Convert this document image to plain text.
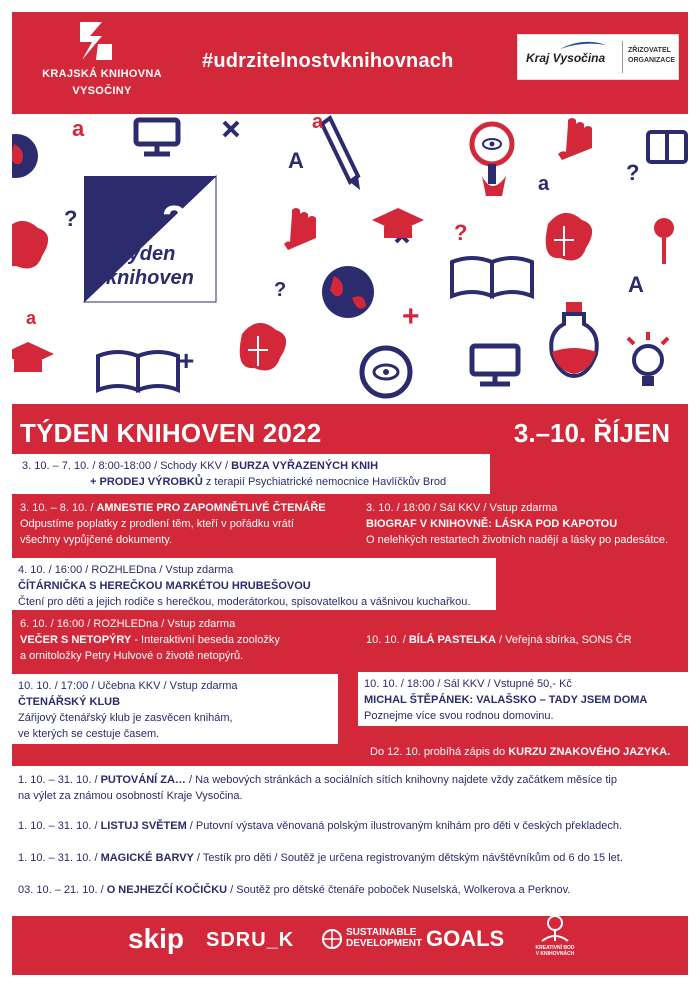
KRAJSKÁ KNIHOVNA
VYSOČINY
#udrzitelnostvknihovnach	Kraj Vysočina
ZŘIZOVATEL
ORGANIZACE
22
týden
knihoven
a
A
a
?
a
?
?
A
+
+
?
a
TÝDEN KNIHOVEN 2022	3.–10. ŘÍJEN
3. 10. – 7. 10. / 8:00-18:00 / Schody KKV / BURZA VYŘAZENÝCH KNIH
+ PRODEJ VÝROBKŮ z terapií Psychiatrické nemocnice Havlíčkův Brod
3. 10. – 8. 10. / AMNESTIE PRO ZAPOMNĚTLIVÉ ČTENÁŘE
Odpustíme poplatky z prodlení těm, kteří v pořádku vrátí
všechny vypůjčené dokumenty.
3. 10. / 18:00 / Sál KKV / Vstup zdarma
BIOGRAF V KNIHOVNĚ: LÁSKA POD KAPOTOU
O nelehkých restartech životních nadějí a lásky po padesátce.
4. 10. / 16:00 / ROZHLEDna / Vstup zdarma
ČÍTÁRNIČKA S HEREČKOU MARKÉTOU HRUBEŠOVOU
Čtení pro děti a jejich rodiče s herečkou, moderátorkou, spisovatelkou a vášnivou kuchařkou.
6. 10. / 16:00 / ROZHLEDna / Vstup zdarma
VEČER S NETOPÝRY - Interaktivní beseda zooložky
a ornitoložky Petry Hulvové o životě netopýrů.
10. 10. / BÍLÁ PASTELKA / Veřejná sbírka, SONS ČR
10. 10. / 17:00 / Učebna KKV / Vstup zdarma
ČTENÁŘSKÝ KLUB
Zářijový čtenářský klub je zasvěcen knihám,
ve kterých se cestuje časem.
10. 10. / 18:00 / Sál KKV / Vstupné 50,- Kč
MICHAL ŠTĚPÁNEK: VALAŠSKO – TADY JSEM DOMA
Poznejme více svou rodnou domovinu.
Do 12. 10. probíhá zápis do KURZU ZNAKOVÉHO JAZYKA.
1. 10. – 31. 10. / PUTOVÁNÍ ZA… / Na webových stránkách a sociálních sítích knihovny najdete vždy začátkem měsíce tip
na výlet za známou osobností Kraje Vysočina.
1. 10. – 31. 10. / LISTUJ SVĚTEM / Putovní výstava věnovaná polským ilustrovaným knihám pro děti v českých překladech.
1. 10. – 31. 10. / MAGICKÉ BARVY / Testík pro děti / Soutěž je určena registrovaným dětským návštěvníkům od 6 do 15 let.
03. 10. – 21. 10. / O NEJHEZČÍ KOČIČKU / Soutěž pro dětské čtenáře poboček Nuselská, Wolkerova a Perknov.
skip SDRU_K	SUSTAINABLE
DEVELOPMENT GOALS	KREATIVNÍ BOD
V KNIHOVNÁCH
